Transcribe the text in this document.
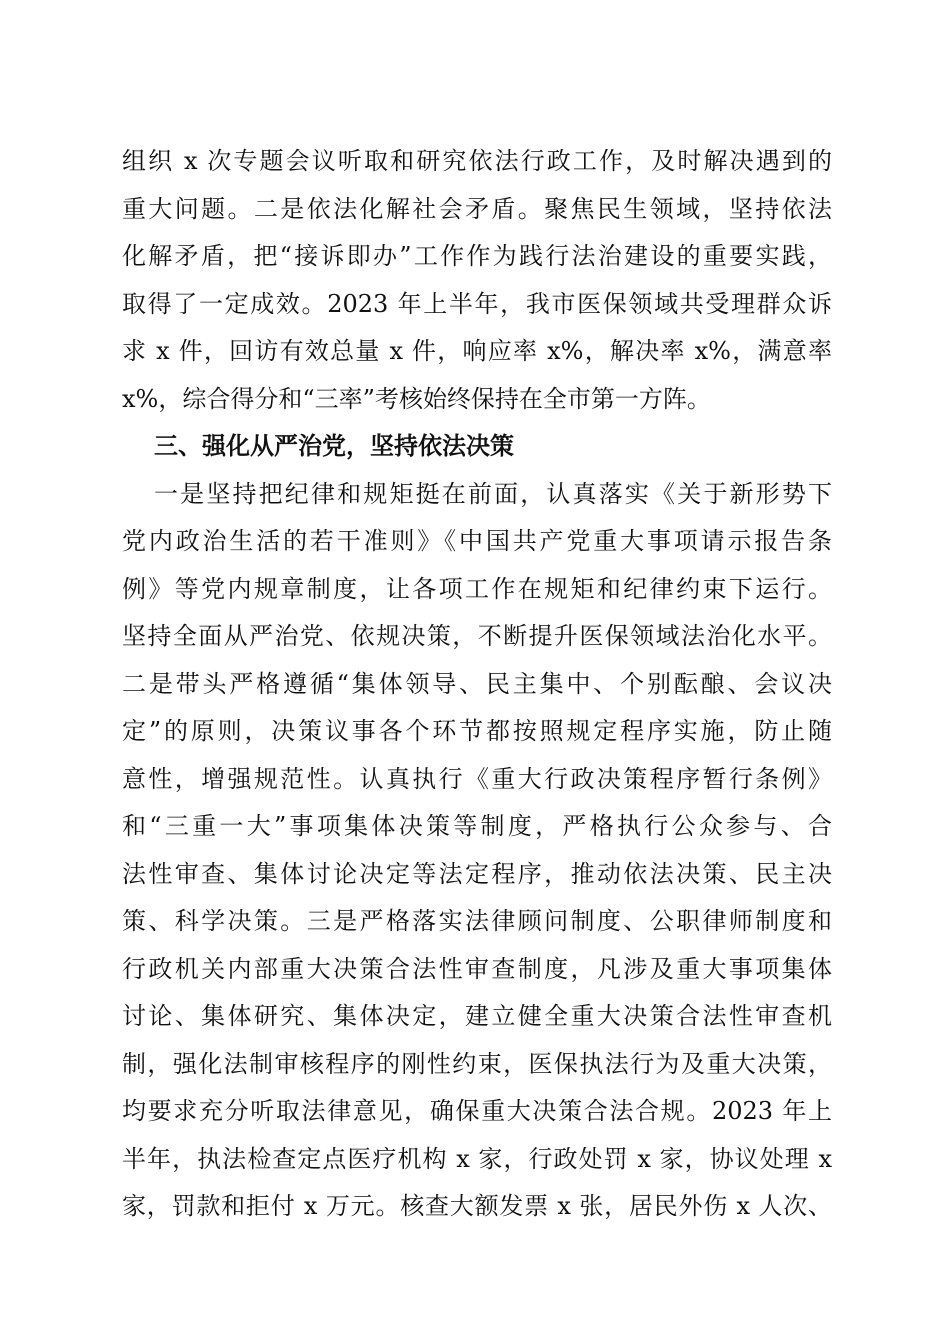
组织 x 次专题会议听取和研究依法行政工作，及时解决遇到的
重大问题。二是依法化解社会矛盾。聚焦民生领域，坚持依法
化解矛盾，把“接诉即办”工作作为践行法治建设的重要实践，
取得了一定成效。2023 年上半年，我市医保领域共受理群众诉
求 x 件，回访有效总量 x 件，响应率 x%，解决率 x%，满意率
x%，综合得分和“三率”考核始终保持在全市第一方阵。
三、强化从严治党，坚持依法决策
一是坚持把纪律和规矩挺在前面，认真落实《关于新形势下
党内政治生活的若干准则》《中国共产党重大事项请示报告条
例》等党内规章制度，让各项工作在规矩和纪律约束下运行。
坚持全面从严治党、依规决策，不断提升医保领域法治化水平。
二是带头严格遵循“集体领导、民主集中、个别酝酿、会议决
定”的原则，决策议事各个环节都按照规定程序实施，防止随
意性，增强规范性。认真执行《重大行政决策程序暂行条例》
和“三重一大”事项集体决策等制度，严格执行公众参与、合
法性审查、集体讨论决定等法定程序，推动依法决策、民主决
策、科学决策。三是严格落实法律顾问制度、公职律师制度和
行政机关内部重大决策合法性审查制度，凡涉及重大事项集体
讨论、集体研究、集体决定，建立健全重大决策合法性审查机
制，强化法制审核程序的刚性约束，医保执法行为及重大决策，
均要求充分听取法律意见，确保重大决策合法合规。2023 年上
半年，执法检查定点医疗机构 x 家，行政处罚 x 家，协议处理 x
家，罚款和拒付 x 万元。核查大额发票 x 张，居民外伤 x 人次、
